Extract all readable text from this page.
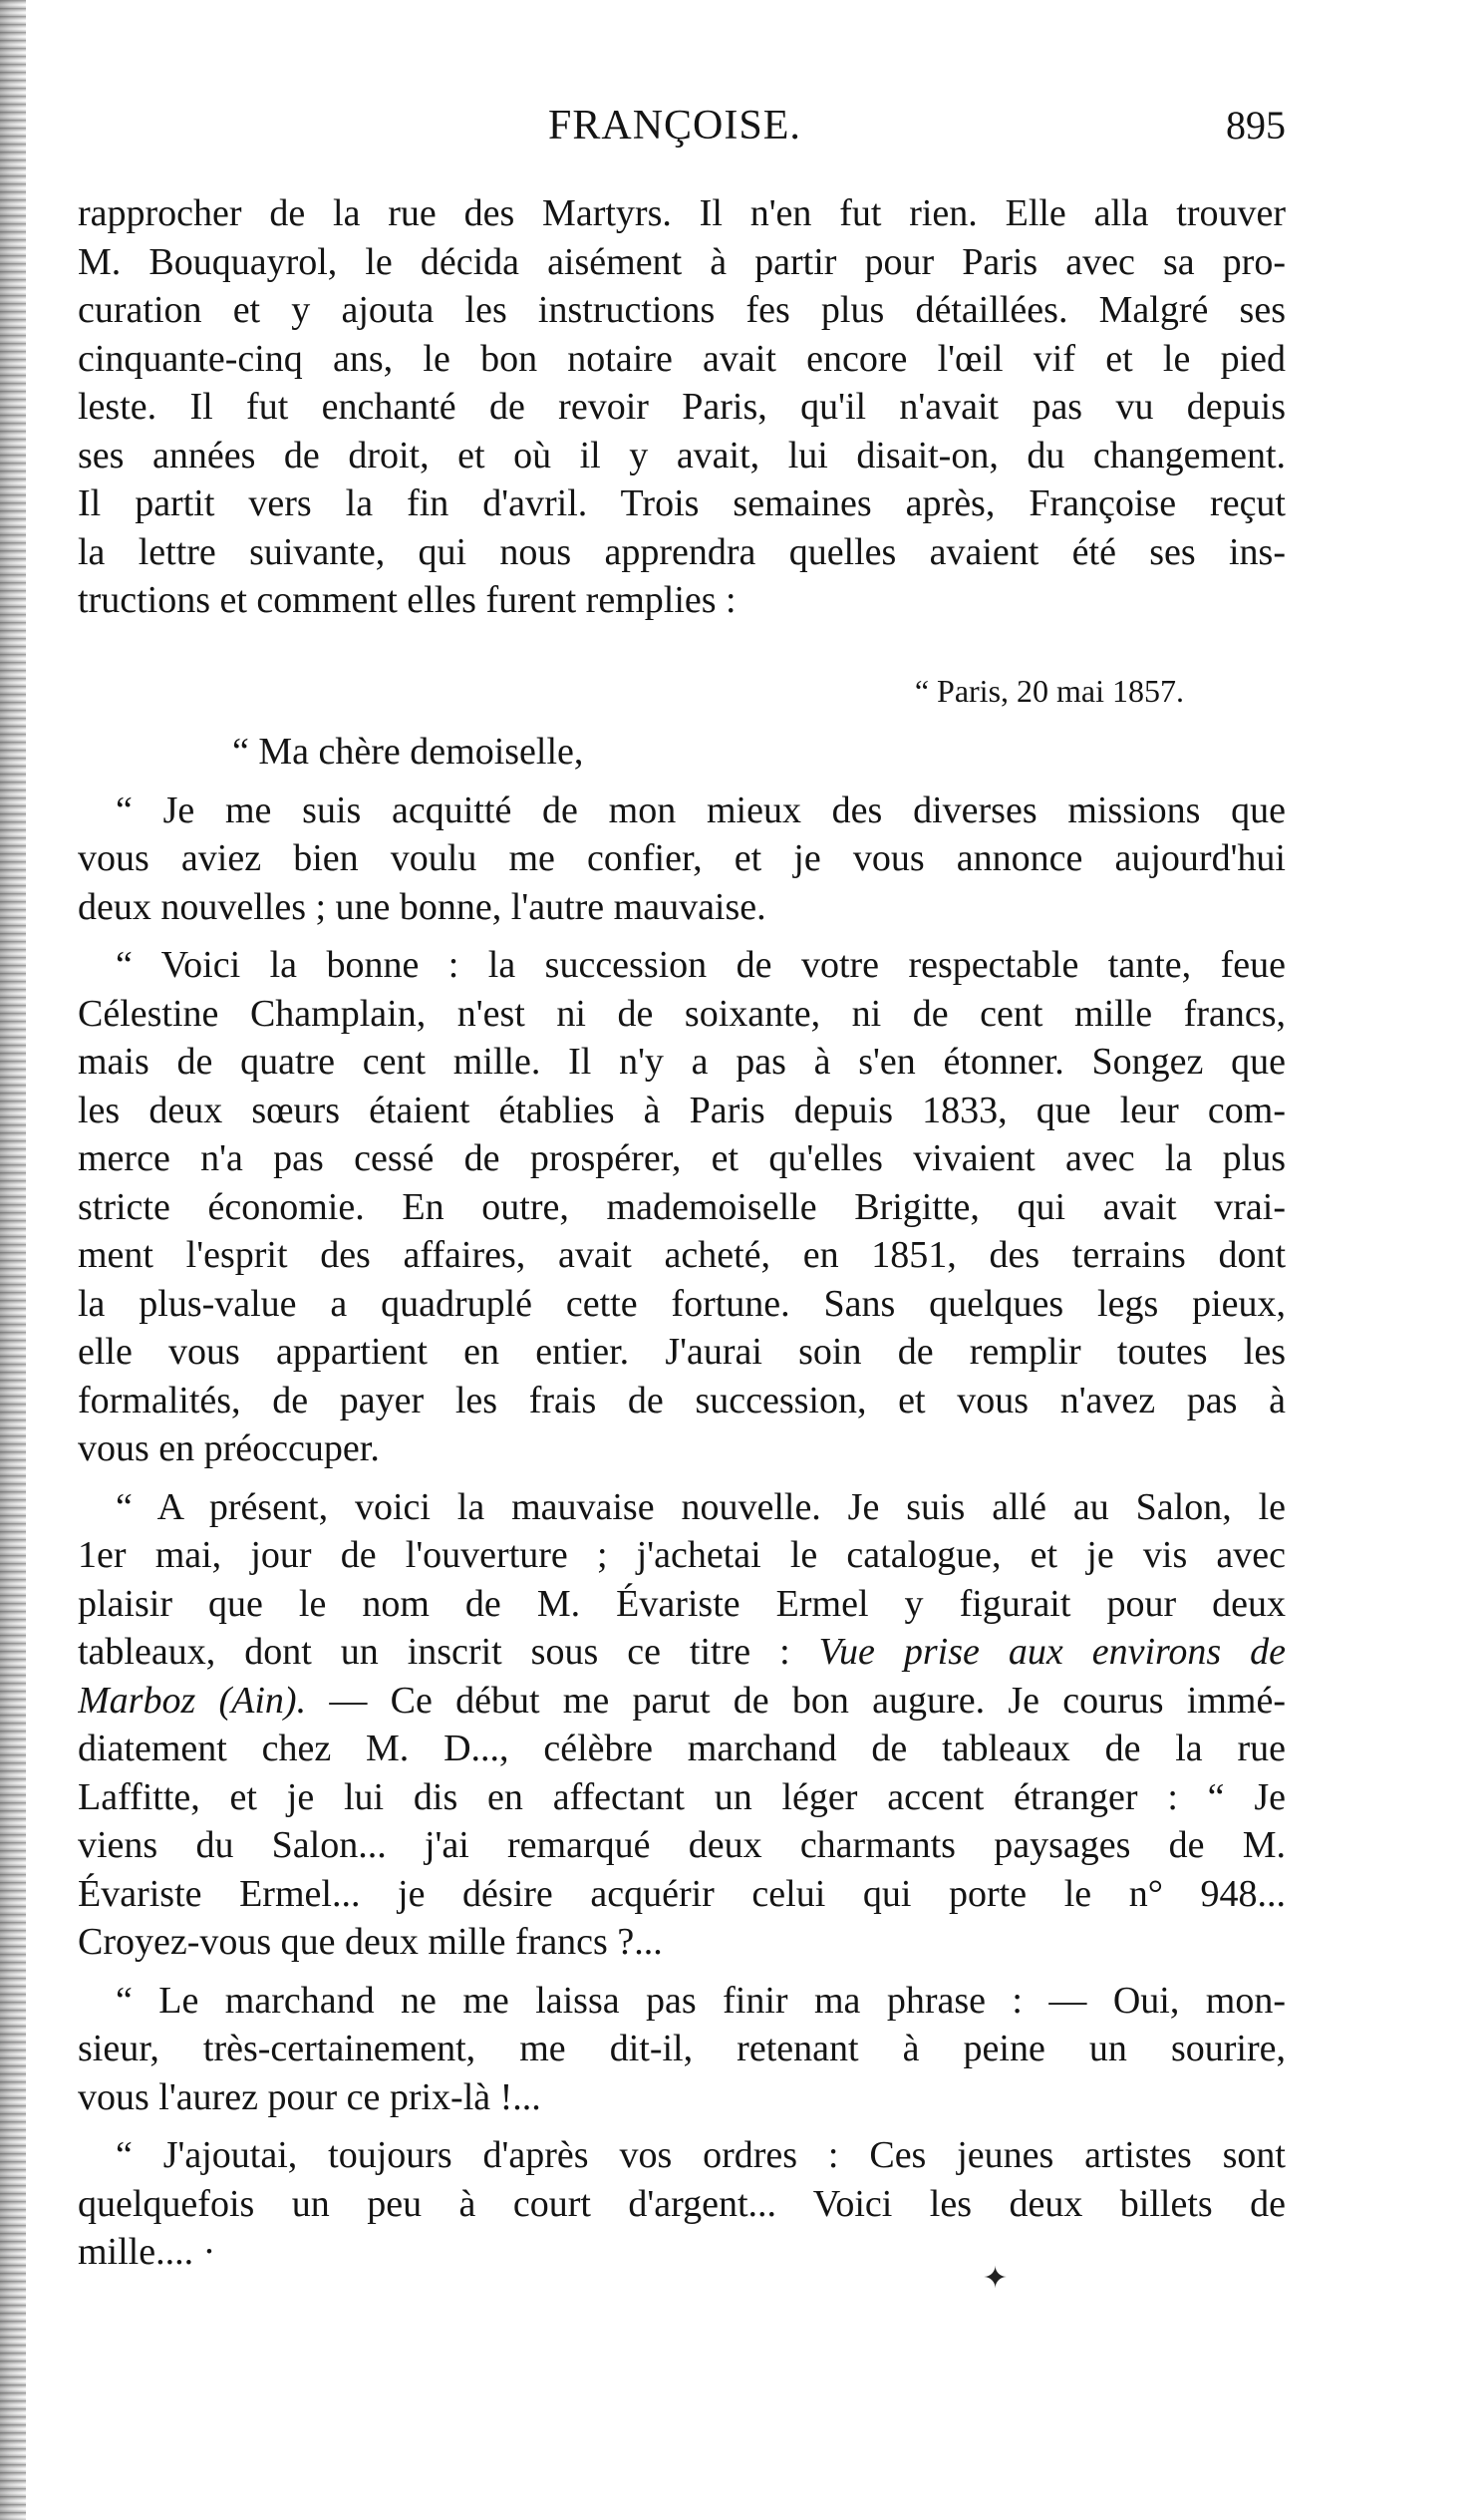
FRANÇOISE.	895
rapprocher de la rue des Martyrs. Il n'en fut rien. Elle alla trouver
M. Bouquayrol, le décida aisément à partir pour Paris avec sa pro-
curation et y ajouta les instructions fes plus détaillées. Malgré ses
cinquante-cinq ans, le bon notaire avait encore l'œil vif et le pied
leste. Il fut enchanté de revoir Paris, qu'il n'avait pas vu depuis
ses années de droit, et où il y avait, lui disait-on, du changement.
Il partit vers la fin d'avril. Trois semaines après, Françoise reçut
la lettre suivante, qui nous apprendra quelles avaient été ses ins-
tructions et comment elles furent remplies :
“ Paris, 20 mai 1857.
“ Ma chère demoiselle,
“ Je me suis acquitté de mon mieux des diverses missions que
vous aviez bien voulu me confier, et je vous annonce aujourd'hui
deux nouvelles ; une bonne, l'autre mauvaise.
“ Voici la bonne : la succession de votre respectable tante, feue
Célestine Champlain, n'est ni de soixante, ni de cent mille francs,
mais de quatre cent mille. Il n'y a pas à s'en étonner. Songez que
les deux sœurs étaient établies à Paris depuis 1833, que leur com-
merce n'a pas cessé de prospérer, et qu'elles vivaient avec la plus
stricte économie. En outre, mademoiselle Brigitte, qui avait vrai-
ment l'esprit des affaires, avait acheté, en 1851, des terrains dont
la plus-value a quadruplé cette fortune. Sans quelques legs pieux,
elle vous appartient en entier. J'aurai soin de remplir toutes les
formalités, de payer les frais de succession, et vous n'avez pas à
vous en préoccuper.
“ A présent, voici la mauvaise nouvelle. Je suis allé au Salon, le
1er mai, jour de l'ouverture ; j'achetai le catalogue, et je vis avec
plaisir que le nom de M. Évariste Ermel y figurait pour deux
tableaux, dont un inscrit sous ce titre : Vue prise aux environs de
Marboz (Ain). — Ce début me parut de bon augure. Je courus immé-
diatement chez M. D..., célèbre marchand de tableaux de la rue
Laffitte, et je lui dis en affectant un léger accent étranger : “ Je
viens du Salon... j'ai remarqué deux charmants paysages de M.
Évariste Ermel... je désire acquérir celui qui porte le n° 948...
Croyez-vous que deux mille francs ?...
“ Le marchand ne me laissa pas finir ma phrase : — Oui, mon-
sieur, très-certainement, me dit-il, retenant à peine un sourire,
vous l'aurez pour ce prix-là !...
“ J'ajoutai, toujours d'après vos ordres : Ces jeunes artistes sont
quelquefois un peu à court d'argent... Voici les deux billets de
mille.... ·
✦
